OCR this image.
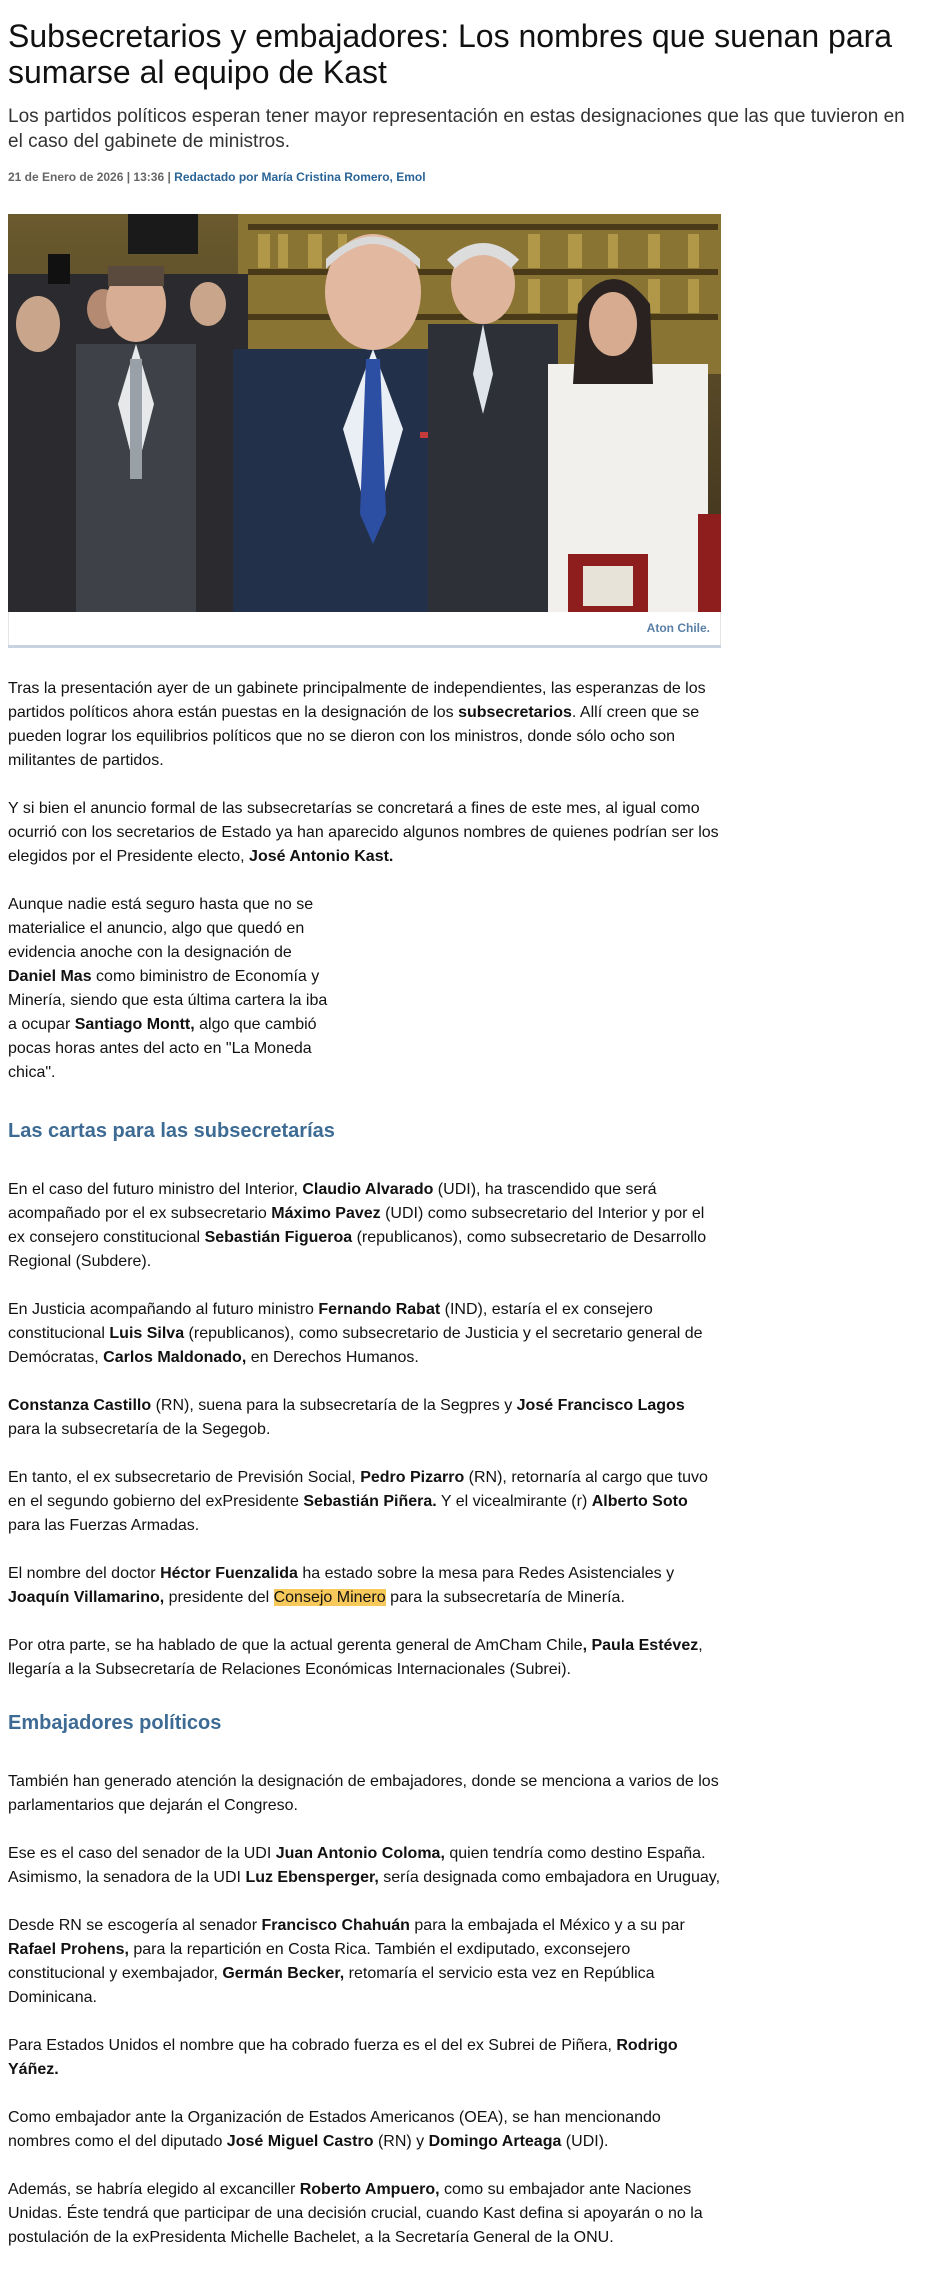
Subsecretarios y embajadores: Los nombres que suenan para sumarse al equipo de Kast

Los partidos políticos esperan tener mayor representación en estas designaciones que las que tuvieron en el caso del gabinete de ministros.

21 de Enero de 2026 | 13:36 | Redactado por María Cristina Romero, Emol
Aton Chile.

Tras la presentación ayer de un gabinete principalmente de independientes, las esperanzas de los partidos políticos ahora están puestas en la designación de los subsecretarios. Allí creen que se pueden lograr los equilibrios políticos que no se dieron con los ministros, donde sólo ocho son militantes de partidos.

Y si bien el anuncio formal de las subsecretarías se concretará a fines de este mes, al igual como ocurrió con los secretarios de Estado ya han aparecido algunos nombres de quienes podrían ser los elegidos por el Presidente electo, José Antonio Kast.

Aunque nadie está seguro hasta que no se materialice el anuncio, algo que quedó en evidencia anoche con la designación de Daniel Mas como biministro de Economía y Minería, siendo que esta última cartera la iba a ocupar Santiago Montt, algo que cambió pocas horas antes del acto en "La Moneda chica".

Las cartas para las subsecretarías

En el caso del futuro ministro del Interior, Claudio Alvarado (UDI), ha trascendido que será acompañado por el ex subsecretario Máximo Pavez (UDI) como subsecretario del Interior y por el ex consejero constitucional Sebastián Figueroa (republicanos), como subsecretario de Desarrollo Regional (Subdere).

En Justicia acompañando al futuro ministro Fernando Rabat (IND), estaría el ex consejero constitucional Luis Silva (republicanos), como subsecretario de Justicia y el secretario general de Demócratas, Carlos Maldonado, en Derechos Humanos.

Constanza Castillo (RN), suena para la subsecretaría de la Segpres y José Francisco Lagos para la subsecretaría de la Segegob.

En tanto, el ex subsecretario de Previsión Social, Pedro Pizarro (RN), retornaría al cargo que tuvo en el segundo gobierno del exPresidente Sebastián Piñera. Y el vicealmirante (r) Alberto Soto para las Fuerzas Armadas.

El nombre del doctor Héctor Fuenzalida ha estado sobre la mesa para Redes Asistenciales y Joaquín Villamarino, presidente del Consejo Minero para la subsecretaría de Minería.

Por otra parte, se ha hablado de que la actual gerenta general de AmCham Chile, Paula Estévez, llegaría a la Subsecretaría de Relaciones Económicas Internacionales (Subrei).

Embajadores políticos

También han generado atención la designación de embajadores, donde se menciona a varios de los parlamentarios que dejarán el Congreso.

Ese es el caso del senador de la UDI Juan Antonio Coloma, quien tendría como destino España. Asimismo, la senadora de la UDI Luz Ebensperger, sería designada como embajadora en Uruguay,

Desde RN se escogería al senador Francisco Chahuán para la embajada el México y a su par Rafael Prohens, para la repartición en Costa Rica. También el exdiputado, exconsejero constitucional y exembajador, Germán Becker, retomaría el servicio esta vez en República Dominicana.

Para Estados Unidos el nombre que ha cobrado fuerza es el del ex Subrei de Piñera, Rodrigo Yáñez.

Como embajador ante la Organización de Estados Americanos (OEA), se han mencionando nombres como el del diputado José Miguel Castro (RN) y Domingo Arteaga (UDI).

Además, se habría elegido al excanciller Roberto Ampuero, como su embajador ante Naciones Unidas. Éste tendrá que participar de una decisión crucial, cuando Kast defina si apoyarán o no la postulación de la exPresidenta Michelle Bachelet, a la Secretaría General de la ONU.
